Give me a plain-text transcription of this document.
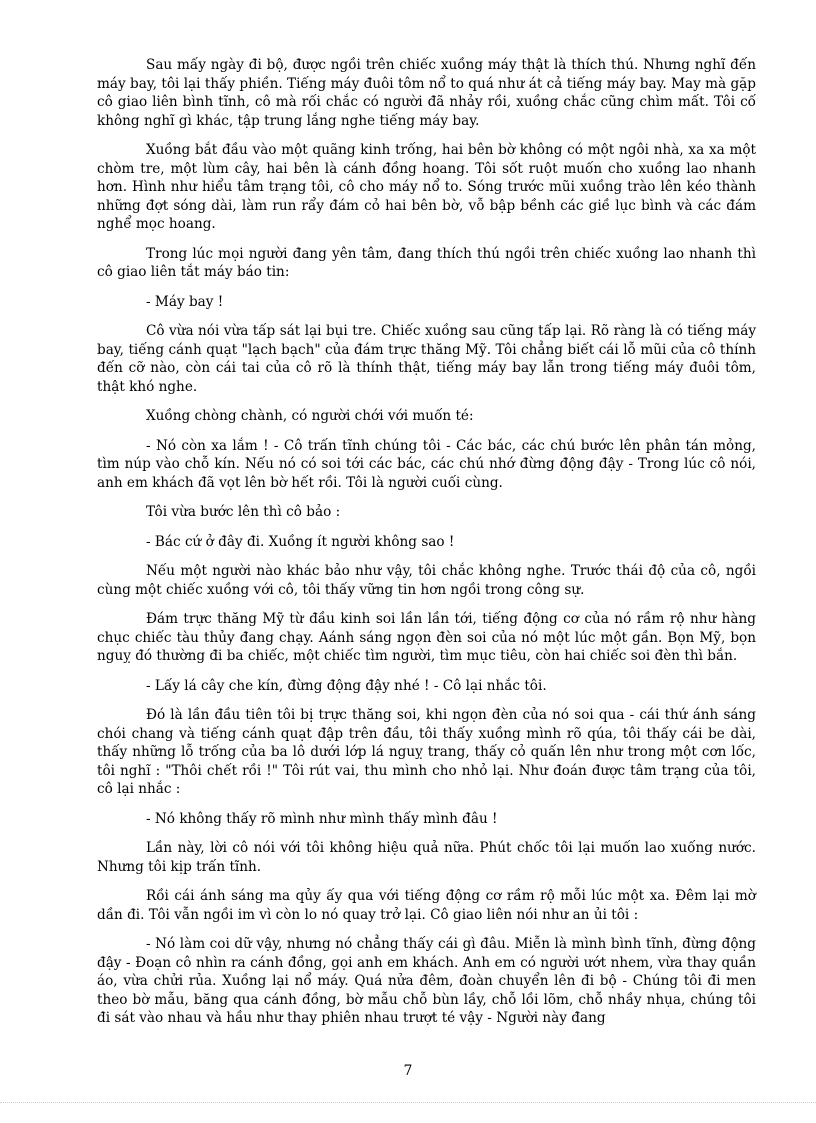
Sau mấy ngày đi bộ, được ngồi trên chiếc xuồng máy thật là thích thú. Nhưng nghĩ đến máy bay, tôi lại thấy phiền. Tiếng máy đuôi tôm nổ to quá như át cả tiếng máy bay. May mà gặp cô giao liên bình tĩnh, cô mà rối chắc có người đã nhảy rồi, xuồng chắc cũng chìm mất. Tôi cố không nghĩ gì khác, tập trung lắng nghe tiếng máy bay.

Xuồng bắt đầu vào một quãng kinh trống, hai bên bờ không có một ngôi nhà, xa xa một chòm tre, một lùm cây, hai bên là cánh đồng hoang. Tôi sốt ruột muốn cho xuồng lao nhanh hơn. Hình như hiểu tâm trạng tôi, cô cho máy nổ to. Sóng trước mũi xuồng trào lên kéo thành những đợt sóng dài, làm run rẩy đám cỏ hai bên bờ, vỗ bập bềnh các giề lục bình và các đám nghể mọc hoang.

Trong lúc mọi người đang yên tâm, đang thích thú ngồi trên chiếc xuồng lao nhanh thì cô giao liên tắt máy báo tin:

- Máy bay !

Cô vừa nói vừa tấp sát lại bụi tre. Chiếc xuồng sau cũng tấp lại. Rõ ràng là có tiếng máy bay, tiếng cánh quạt "lạch bạch" của đám trực thăng Mỹ. Tôi chẳng biết cái lỗ mũi của cô thính đến cỡ nào, còn cái tai của cô rõ là thính thật, tiếng máy bay lẫn trong tiếng máy đuôi tôm, thật khó nghe.

Xuồng chòng chành, có người chới với muốn té:

- Nó còn xa lắm ! - Cô trấn tĩnh chúng tôi - Các bác, các chú bước lên phân tán mỏng, tìm núp vào chỗ kín. Nếu nó có soi tới các bác, các chú nhớ đừng động đậy - Trong lúc cô nói, anh em khách đã vọt lên bờ hết rồi. Tôi là người cuối cùng.

Tôi vừa bước lên thì cô bảo :

- Bác cứ ở đây đi. Xuồng ít người không sao !

Nếu một người nào khác bảo như vậy, tôi chắc không nghe. Trước thái độ của cô, ngồi cùng một chiếc xuồng với cô, tôi thấy vững tin hơn ngồi trong công sự.

Đám trực thăng Mỹ từ đầu kinh soi lần lần tới, tiếng động cơ của nó rầm rộ như hàng chục chiếc tàu thủy đang chạy. Aánh sáng ngọn đèn soi của nó một lúc một gần. Bọn Mỹ, bọn nguỵ đó thường đi ba chiếc, một chiếc tìm người, tìm mục tiêu, còn hai chiếc soi đèn thì bắn.

- Lấy lá cây che kín, đừng động đậy nhé ! - Cô lại nhắc tôi.

Đó là lần đầu tiên tôi bị trực thăng soi, khi ngọn đèn của nó soi qua - cái thứ ánh sáng chói chang và tiếng cánh quạt đập trên đầu, tôi thấy xuồng mình rõ qúa, tôi thấy cái be dài, thấy những lỗ trống của ba lô dưới lớp lá nguỵ trang, thấy cỏ quấn lên như trong một cơn lốc, tôi nghĩ : "Thôi chết rồi !" Tôi rút vai, thu mình cho nhỏ lại. Như đoán được tâm trạng của tôi, cô lại nhắc :

- Nó không thấy rõ mình như mình thấy mình đâu !

Lần này, lời cô nói với tôi không hiệu quả nữa. Phút chốc tôi lại muốn lao xuống nước. Nhưng tôi kịp trấn tĩnh.

Rồi cái ánh sáng ma qủy ấy qua với tiếng động cơ rầm rộ mỗi lúc một xa. Đêm lại mờ dần đi. Tôi vẫn ngồi im vì còn lo nó quay trở lại. Cô giao liên nói như an ủi tôi :

- Nó làm coi dữ vậy, nhưng nó chẳng thấy cái gì đâu. Miễn là mình bình tĩnh, đừng động đậy - Đoạn cô nhìn ra cánh đồng, gọi anh em khách. Anh em có người ướt nhem, vừa thay quần áo, vừa chửi rủa. Xuồng lại nổ máy. Quá nửa đêm, đoàn chuyển lên đi bộ - Chúng tôi đi men theo bờ mẫu, băng qua cánh đồng, bờ mẫu chỗ bùn lầy, chỗ lồi lõm, chỗ nhầy nhụa, chúng tôi đi sát vào nhau và hầu như thay phiên nhau trượt té vậy - Người này đang

7
